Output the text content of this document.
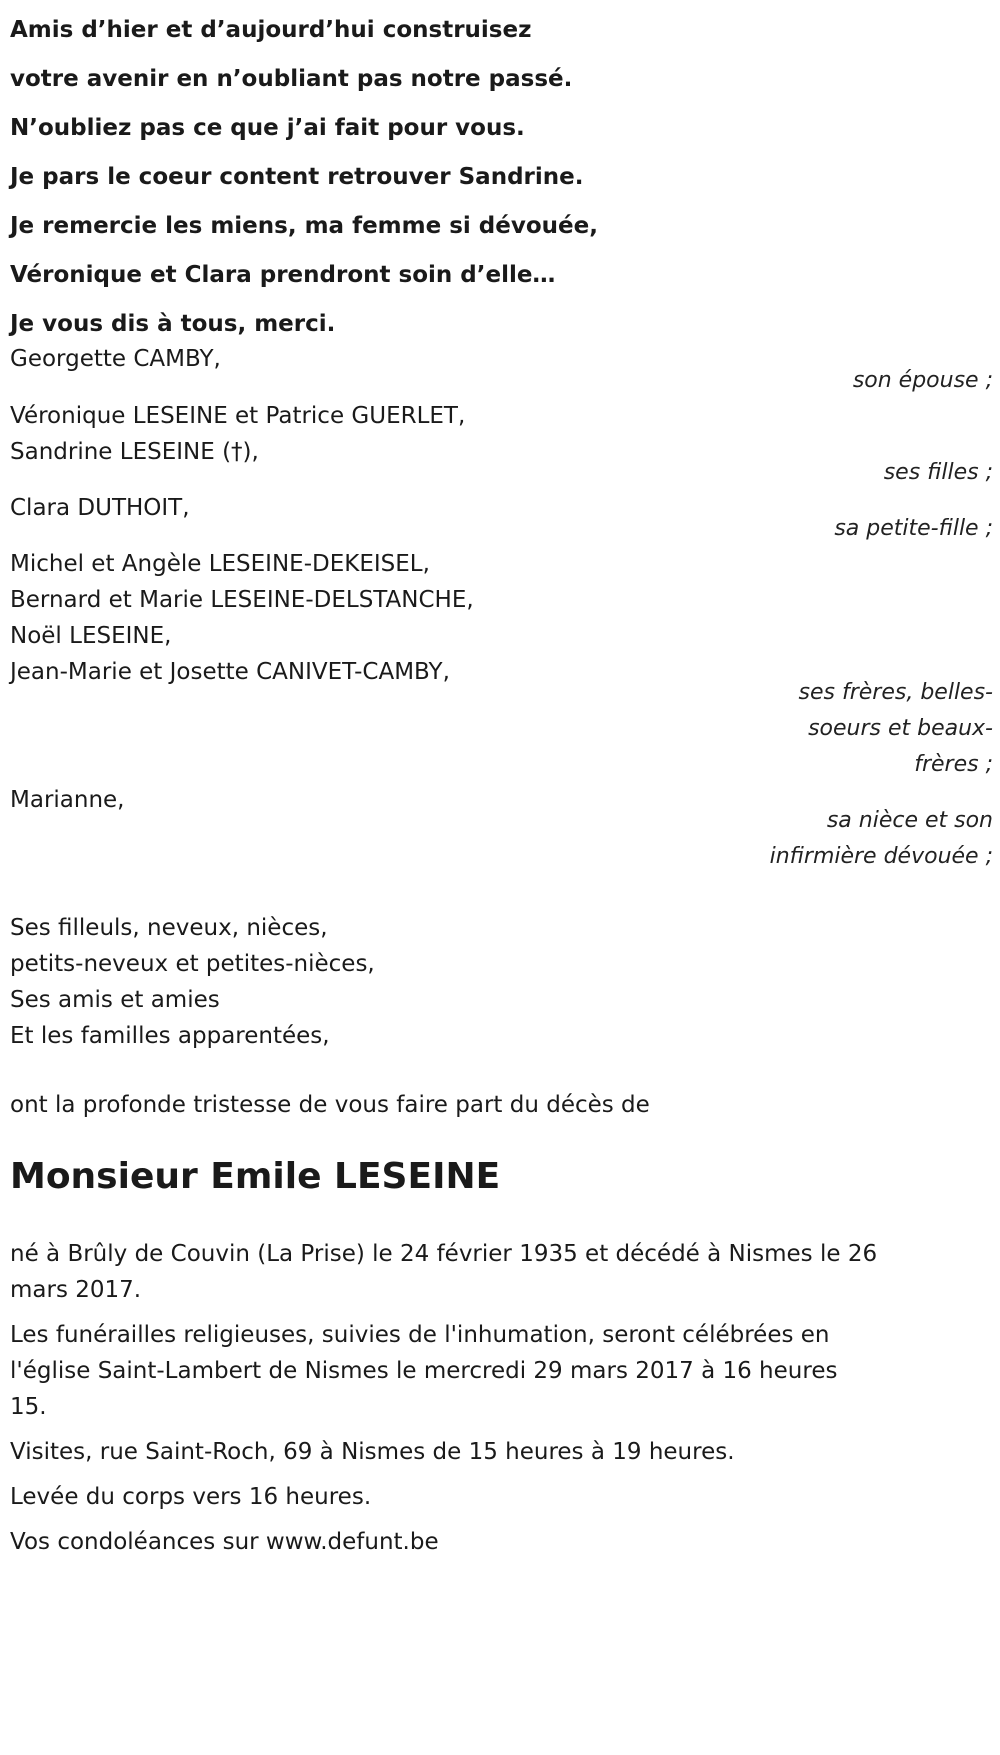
Amis d’hier et d’aujourd’hui construisez
votre avenir en n’oubliant pas notre passé.
N’oubliez pas ce que j’ai fait pour vous.
Je pars le coeur content retrouver Sandrine.
Je remercie les miens, ma femme si dévouée,
Véronique et Clara prendront soin d’elle…
Je vous dis à tous, merci.
Georgette CAMBY,
son épouse ;
Véronique LESEINE et Patrice GUERLET,
Sandrine LESEINE (†),
ses filles ;
Clara DUTHOIT,
sa petite-fille ;
Michel et Angèle LESEINE-DEKEISEL,
Bernard et Marie LESEINE-DELSTANCHE,
Noël LESEINE,
Jean-Marie et Josette CANIVET-CAMBY,
ses frères, belles-soeurs et beaux-frères ;
Marianne,
sa nièce et son infirmière dévouée ;
Ses filleuls, neveux, nièces,
petits-neveux et petites-nièces,
Ses amis et amies
Et les familles apparentées,
ont la profonde tristesse de vous faire part du décès de
Monsieur Emile LESEINE

né à Brûly de Couvin (La Prise) le 24 février 1935 et décédé à Nismes le 26 mars 2017.

Les funérailles religieuses, suivies de l'inhumation, seront célébrées en l'église Saint-Lambert de Nismes le mercredi 29 mars 2017 à 16 heures 15.

Visites, rue Saint-Roch, 69 à Nismes de 15 heures à 19 heures.

Levée du corps vers 16 heures.

Vos condoléances sur www.defunt.be
